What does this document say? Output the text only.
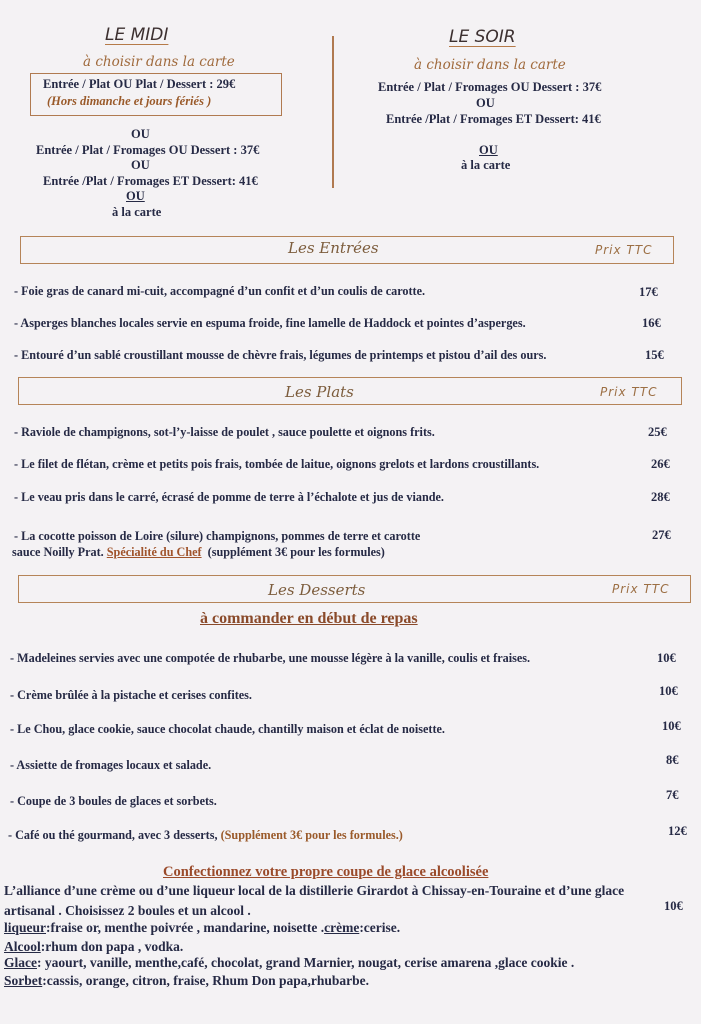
LE MIDI
à choisir dans la carte
Entrée / Plat OU Plat / Dessert : 29€
(Hors dimanche et jours fériés )
OU
Entrée / Plat / Fromages OU Dessert : 37€
OU
Entrée /Plat / Fromages ET Dessert: 41€
OU
à la carte
LE SOIR
à choisir dans la carte
Entrée / Plat / Fromages OU Dessert : 37€
OU
Entrée /Plat / Fromages ET Dessert: 41€
OU
à la carte
Les Entrées	Prix TTC
- Foie gras de canard mi-cuit, accompagné d’un confit et d’un coulis de carotte.	17€
- Asperges blanches locales servie en espuma froide, fine lamelle de Haddock et pointes d’asperges.	16€
- Entouré d’un sablé croustillant mousse de chèvre frais, légumes de printemps et pistou d’ail des ours.	15€
Les Plats	Prix TTC
- Raviole de champignons, sot-l’y-laisse de poulet , sauce poulette et oignons frits.	25€
- Le filet de flétan, crème et petits pois frais, tombée de laitue, oignons grelots et lardons croustillants.	26€
- Le veau pris dans le carré, écrasé de pomme de terre à l’échalote et jus de viande.	28€
- La cocotte poisson de Loire (silure) champignons, pommes de terre et carotte	27€
sauce Noilly Prat. Spécialité du Chef (supplément 3€ pour les formules)
Les Desserts	Prix TTC
à commander en début de repas
- Madeleines servies avec une compotée de rhubarbe, une mousse légère à la vanille, coulis et fraises.	10€
- Crème brûlée à la pistache et cerises confites.	10€
- Le Chou, glace cookie, sauce chocolat chaude, chantilly maison et éclat de noisette.	10€
- Assiette de fromages locaux et salade.	8€
- Coupe de 3 boules de glaces et sorbets.	7€
- Café ou thé gourmand, avec 3 desserts, (Supplément 3€ pour les formules.)	12€
Confectionnez votre propre coupe de glace alcoolisée
L’alliance d’une crème ou d’une liqueur local de la distillerie Girardot à Chissay-en-Touraine et d’une glace
artisanal . Choisissez 2 boules et un alcool .	10€
liqueur:fraise or, menthe poivrée , mandarine, noisette .crème:cerise.
Alcool:rhum don papa , vodka.
Glace: yaourt, vanille, menthe,café, chocolat, grand Marnier, nougat, cerise amarena ,glace cookie .
Sorbet:cassis, orange, citron, fraise, Rhum Don papa,rhubarbe.
